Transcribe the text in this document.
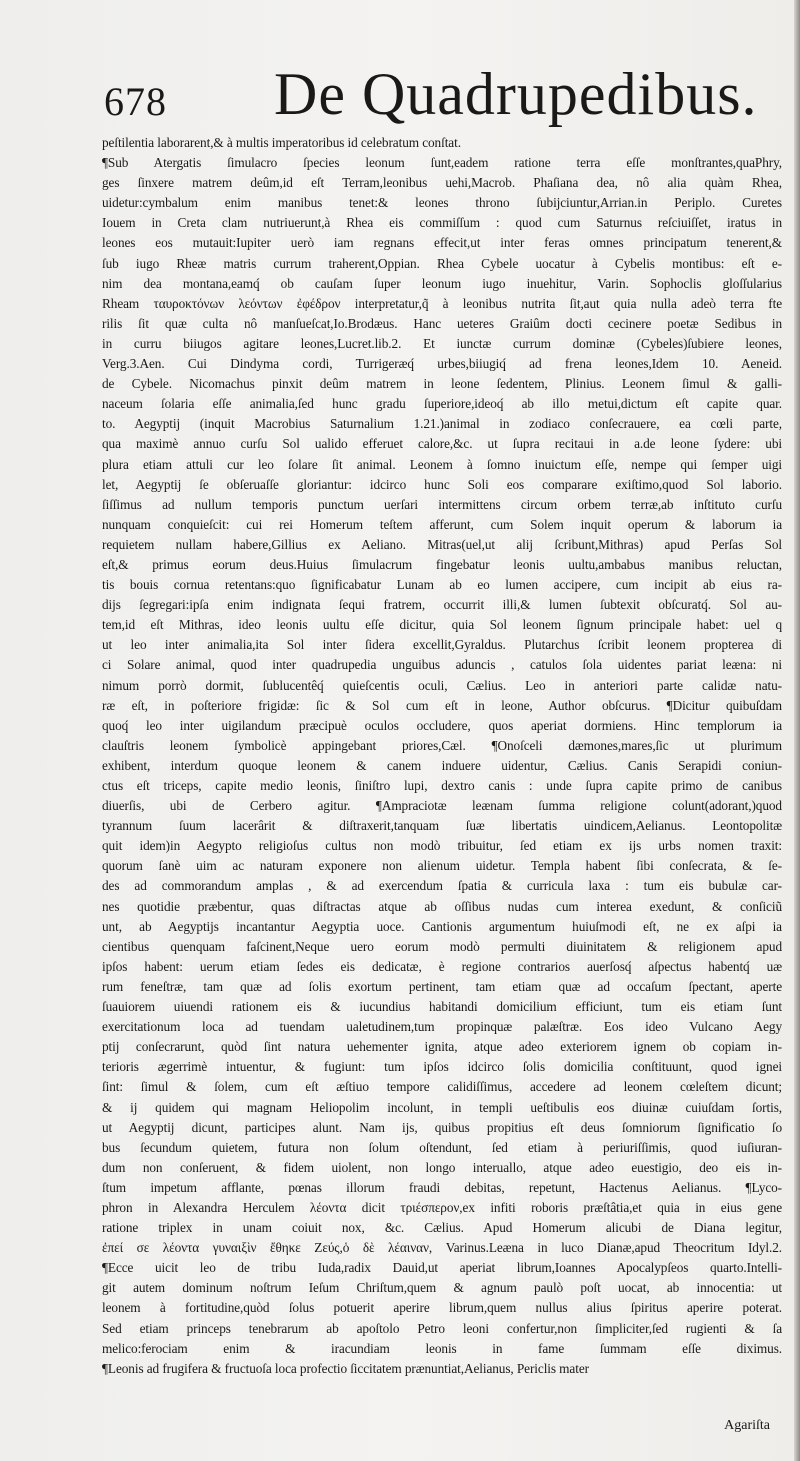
678 De Quadrupedibus.
peſtilentia laborarent,& à multis imperatoribus id celebratum conſtat.
¶Sub Atergatis ſimulacro ſpecies leonum ſunt,eadem ratione terra eſſe monſtrantes,quaPhry,
ges ſinxere matrem deûm,id eſt Terram,leonibus uehi,Macrob. Phaſiana dea, nô alia quàm Rhea,
uidetur:cymbalum enim manibus tenet:& leones throno ſubijciuntur,Arrian.in Periplo. Curetes
Iouem in Creta clam nutriuerunt,à Rhea eis commiſſum : quod cum Saturnus reſciuiſſet, iratus in
leones eos mutauit:Iupiter uerò iam regnans effecit,ut inter feras omnes principatum tenerent,&
ſub iugo Rheæ matris currum traherent,Oppian. Rhea Cybele uocatur à Cybelis montibus: eſt e-
nim dea montana,eamq́ ob cauſam ſuper leonum iugo inuehitur, Varin. Sophoclis gloſſularius
Rheam ταυροκτόνων λεόντων ἐφέδρον interpretatur,q̃ à leonibus nutrita ſit,aut quia nulla adeò terra fte
rilis ſit quæ culta nô manſueſcat,Io.Brodæus. Hanc ueteres Graiûm docti cecinere poetæ Sedibus in
in curru biiugos agitare leones,Lucret.lib.2. Et iunctæ currum dominæ (Cybeles)ſubiere leones,
Verg.3.Aen. Cui Dindyma cordi, Turrigeræq́ urbes,biiugiq́ ad frena leones,Idem 10. Aeneid.
de Cybele. Nicomachus pinxit deûm matrem in leone ſedentem, Plinius. Leonem ſimul & galli-
naceum ſolaria eſſe animalia,ſed hunc gradu ſuperiore,ideoq́ ab illo metui,dictum eſt capite quar.
to. Aegyptij (inquit Macrobius Saturnalium 1.21.)animal in zodiaco conſecrauere, ea cœli parte,
qua maximè annuo curſu Sol ualido efferuet calore,&c. ut ſupra recitaui in a.de leone ſydere: ubi
plura etiam attuli cur leo ſolare ſit animal. Leonem à ſomno inuictum eſſe, nempe qui ſemper uigi
let, Aegyptij ſe obſeruaſſe gloriantur: idcirco hunc Soli eos comparare exiſtimo,quod Sol laborio.
ſiſſimus ad nullum temporis punctum uerſari intermittens circum orbem terræ,ab inſtituto curſu
nunquam conquieſcit: cui rei Homerum teſtem afferunt, cum Solem inquit operum & laborum ia
requietem nullam habere,Gillius ex Aeliano. Mitras(uel,ut alij ſcribunt,Mithras) apud Perſas Sol
eſt,& primus eorum deus.Huius ſimulacrum fingebatur leonis uultu,ambabus manibus reluctan,
tis bouis cornua retentans:quo ſignificabatur Lunam ab eo lumen accipere, cum incipit ab eius ra-
dijs ſegregari:ipſa enim indignata ſequi fratrem, occurrit illi,& lumen ſubtexit obſcuratq́. Sol au-
tem,id eſt Mithras, ideo leonis uultu eſſe dicitur, quia Sol leonem ſignum principale habet: uel q
ut leo inter animalia,ita Sol inter ſidera excellit,Gyraldus. Plutarchus ſcribit leonem propterea di
ci Solare animal, quod inter quadrupedia unguibus aduncis , catulos ſola uidentes pariat leæna: ni
nimum porrò dormit, ſublucentêq́ quieſcentis oculi, Cælius. Leo in anteriori parte calidæ natu-
ræ eſt, in poſteriore frigidæ: ſic & Sol cum eſt in leone, Author obſcurus. ¶Dicitur quibuſdam
quoq́ leo inter uigilandum præcipuè oculos occludere, quos aperiat dormiens. Hinc templorum ia
clauſtris leonem ſymbolicè appingebant priores,Cæl. ¶Onoſceli dæmones,mares,ſic ut plurimum
exhibent, interdum quoque leonem & canem induere uidentur, Cælius. Canis Serapidi coniun-
ctus eſt triceps, capite medio leonis, ſiniſtro lupi, dextro canis : unde ſupra capite primo de canibus
diuerſis, ubi de Cerbero agitur. ¶Ampraciotæ leænam ſumma religione colunt(adorant,)quod
tyrannum ſuum lacerârit & diſtraxerit,tanquam ſuæ libertatis uindicem,Aelianus. Leontopolitæ
quit idem)in Aegypto religioſus cultus non modò tribuitur, ſed etiam ex ijs urbs nomen traxit:
quorum ſanè uim ac naturam exponere non alienum uidetur. Templa habent ſibi conſecrata, & ſe-
des ad commorandum amplas , & ad exercendum ſpatia & curricula laxa : tum eis bubulæ car-
nes quotidie præbentur, quas diſtractas atque ab oſſibus nudas cum interea exedunt, & conſiciũ
unt, ab Aegyptijs incantantur Aegyptia uoce. Cantionis argumentum huiuſmodi eſt, ne ex aſpi ia
cientibus quenquam faſcinent,Neque uero eorum modò permulti diuinitatem & religionem apud
ipſos habent: uerum etiam ſedes eis dedicatæ, è regione contrarios auerſosq́ aſpectus habentq́ uæ
rum feneſtræ, tam quæ ad ſolis exortum pertinent, tam etiam quæ ad occaſum ſpectant, aperte
ſuauiorem uiuendi rationem eis & iucundius habitandi domicilium efficiunt, tum eis etiam ſunt
exercitationum loca ad tuendam ualetudinem,tum propinquæ palæſtræ. Eos ideo Vulcano Aegy
ptij conſecrarunt, quòd ſint natura uehementer ignita, atque adeo exteriorem ignem ob copiam in-
terioris ægerrimè intuentur, & fugiunt: tum ipſos idcirco ſolis domicilia conſtituunt, quod ignei
ſint: ſimul & ſolem, cum eſt æſtiuo tempore calidiſſimus, accedere ad leonem cœleſtem dicunt;
& ij quidem qui magnam Heliopolim incolunt, in templi ueſtibulis eos diuinæ cuiuſdam ſortis,
ut Aegyptij dicunt, participes alunt. Nam ijs, quibus propitius eſt deus ſomniorum ſignificatio ſo
bus ſecundum quietem, futura non ſolum oſtendunt, ſed etiam à periuriſſimis, quod iuſiuran-
dum non conſeruent, & fidem uiolent, non longo interuallo, atque adeo euestigio, deo eis in-
ſtum impetum afflante, pœnas illorum fraudi debitas, repetunt, Hactenus Aelianus. ¶Lyco-
phron in Alexandra Herculem λέοντα dicit τριέσπερον,ex infiti roboris præſtâtia,et quia in eius gene
ratione triplex in unam coiuit nox, &c. Cælius. Apud Homerum alicubi de Diana legitur,
ἐπεί σε λέοντα γυναιξὶν ἔθηκε Ζεύς,ὁ δὲ λέαιναν, Varinus.Leæna in luco Dianæ,apud Theocritum Idyl.2.
¶Ecce uicit leo de tribu Iuda,radix Dauid,ut aperiat librum,Ioannes Apocalypſeos quarto.Intelli-
git autem dominum noſtrum Ieſum Chriſtum,quem & agnum paulò poſt uocat, ab innocentia: ut
leonem à fortitudine,quòd ſolus potuerit aperire librum,quem nullus alius ſpiritus aperire poterat.
Sed etiam princeps tenebrarum ab apoſtolo Petro leoni confertur,non ſimpliciter,ſed rugienti & ſa
melico:ferociam enim & iracundiam leonis in fame ſummam eſſe diximus.
¶Leonis ad frugifera & fructuoſa loca profectio ſiccitatem prænuntiat,Aelianus, Periclis mater
Agariſta
